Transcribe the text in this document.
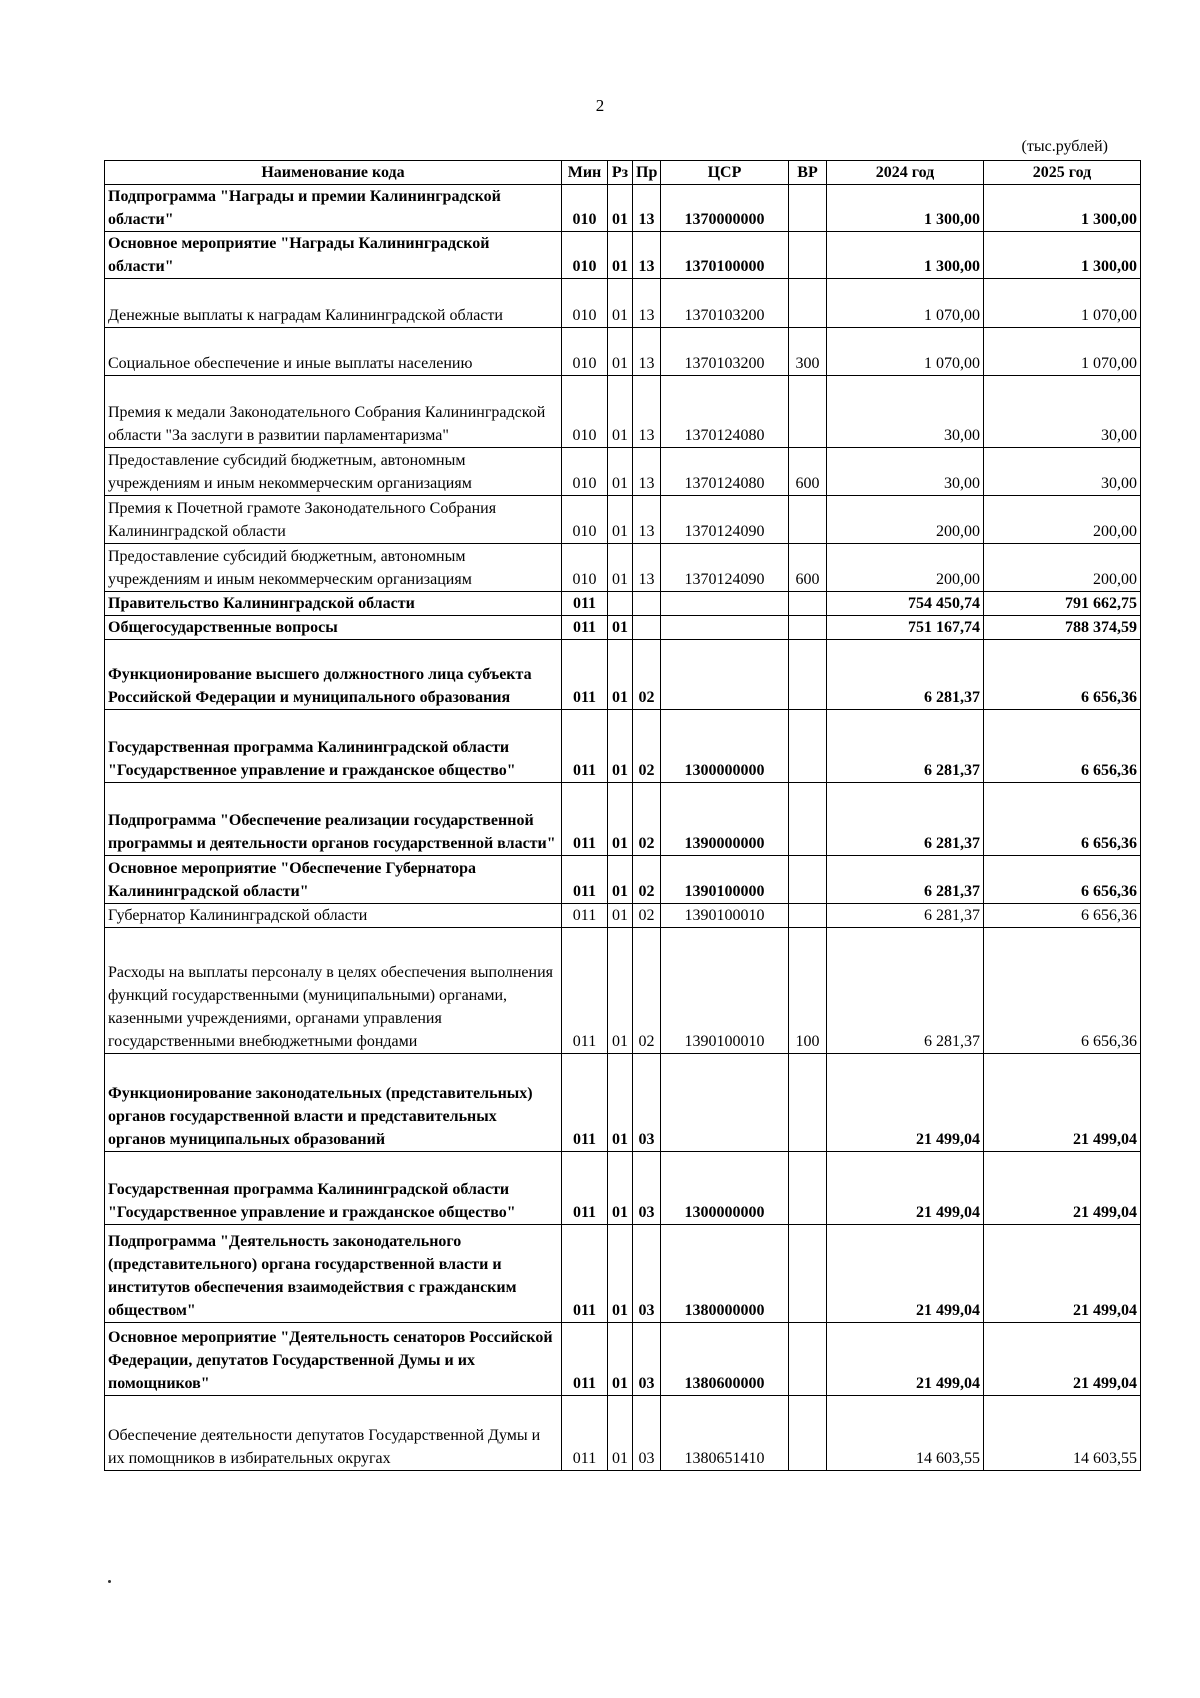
2
(тыс.рублей)
Наименование кода	Мин	Рз	Пр	ЦСР	ВР	2024 год	2025 год
Подпрограмма "Награды и премии Калининградской области"	010	01	13	1370000000		1 300,00	1 300,00
Основное мероприятие "Награды Калининградской области"	010	01	13	1370100000		1 300,00	1 300,00
Денежные выплаты к наградам Калининградской области	010	01	13	1370103200		1 070,00	1 070,00
Социальное обеспечение и иные выплаты населению	010	01	13	1370103200	300	1 070,00	1 070,00
Премия к медали Законодательного Собрания Калининградской области "За заслуги в развитии парламентаризма"	010	01	13	1370124080		30,00	30,00
Предоставление субсидий бюджетным, автономным учреждениям и иным некоммерческим организациям	010	01	13	1370124080	600	30,00	30,00
Премия к Почетной грамоте Законодательного Собрания Калининградской области	010	01	13	1370124090		200,00	200,00
Предоставление субсидий бюджетным, автономным учреждениям и иным некоммерческим организациям	010	01	13	1370124090	600	200,00	200,00
Правительство Калининградской области	011					754 450,74	791 662,75
Общегосударственные вопросы	011	01				751 167,74	788 374,59
Функционирование высшего должностного лица субъекта Российской Федерации и муниципального образования	011	01	02			6 281,37	6 656,36
Государственная программа Калининградской области "Государственное управление и гражданское общество"	011	01	02	1300000000		6 281,37	6 656,36
Подпрограмма "Обеспечение реализации государственной программы и деятельности органов государственной власти"	011	01	02	1390000000		6 281,37	6 656,36
Основное мероприятие "Обеспечение Губернатора Калининградской области"	011	01	02	1390100000		6 281,37	6 656,36
Губернатор Калининградской области	011	01	02	1390100010		6 281,37	6 656,36
Расходы на выплаты персоналу в целях обеспечения выполнения функций государственными (муниципальными) органами, казенными учреждениями, органами управления государственными внебюджетными фондами	011	01	02	1390100010	100	6 281,37	6 656,36
Функционирование законодательных (представительных) органов государственной власти и представительных органов муниципальных образований	011	01	03			21 499,04	21 499,04
Государственная программа Калининградской области "Государственное управление и гражданское общество"	011	01	03	1300000000		21 499,04	21 499,04
Подпрограмма "Деятельность законодательного (представительного) органа государственной власти и институтов обеспечения взаимодействия с гражданским обществом"	011	01	03	1380000000		21 499,04	21 499,04
Основное мероприятие "Деятельность сенаторов Российской Федерации, депутатов Государственной Думы и их помощников"	011	01	03	1380600000		21 499,04	21 499,04
Обеспечение деятельности депутатов Государственной Думы и их помощников в избирательных округах	011	01	03	1380651410		14 603,55	14 603,55
